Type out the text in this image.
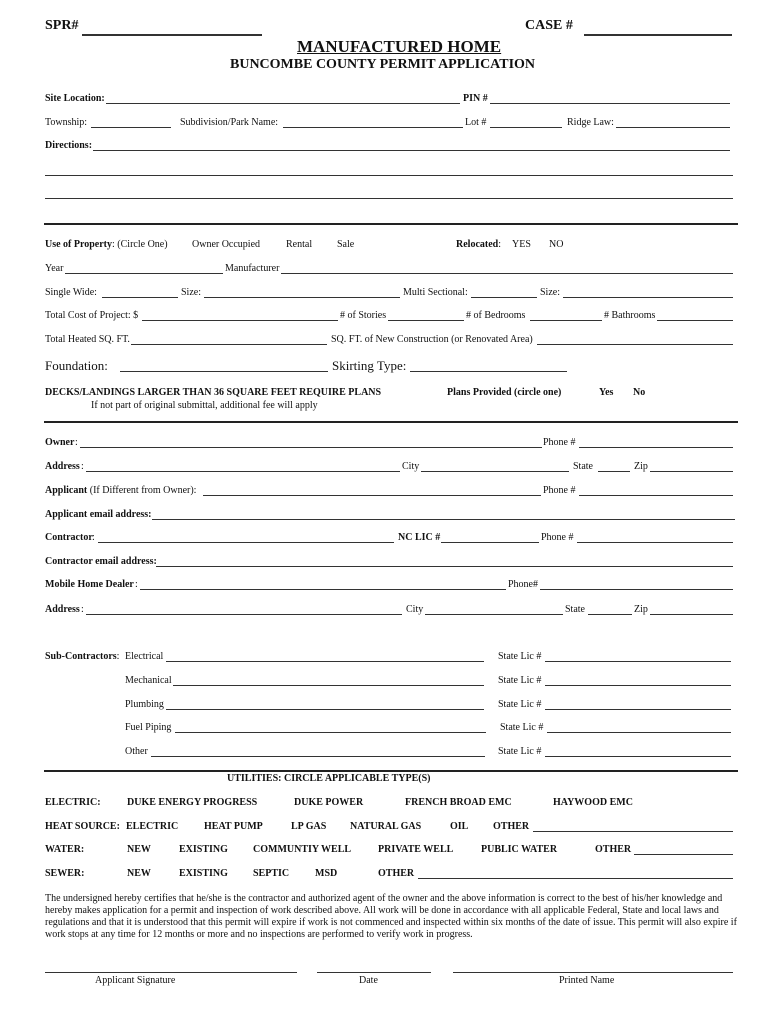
SPR#	CASE #
MANUFACTURED HOME
BUNCOMBE COUNTY PERMIT APPLICATION
Site Location:	PIN #
Township:	Subdivision/Park Name:	Lot #	Ridge Law:
Directions:
Use of Property: (Circle One) Owner Occupied	Rental Sale	Relocated: YES NO
Year	Manufacturer
Single Wide:	Size:	Multi Sectional:	Size:
Total Cost of Project: $	# of Stories	# of Bedrooms	# Bathrooms
Total Heated SQ. FT.	SQ. FT. of New Construction (or Renovated Area)
Foundation:	Skirting Type:
DECKS/LANDINGS LARGER THAN 36 SQUARE FEET REQUIRE PLANS	Plans Provided (circle one)	Yes No
If not part of original submittal, additional fee will apply
Owner :	Phone #
Address :	City	State	Zip
Applicant (If Different from Owner):	Phone #
Applicant email address:
Contractor :	NC LIC #	Phone #
Contractor email address:
Mobile Home Dealer :	Phone#
Address :	City	State	Zip
Sub-Contractors: Electrical	State Lic #
Mechanical	State Lic #
Plumbing	State Lic #
Fuel Piping	State Lic #
Other	State Lic #
UTILITIES: CIRCLE APPLICABLE TYPE(S)
ELECTRIC:	DUKE ENERGY PROGRESS	DUKE POWER	FRENCH BROAD EMC	HAYWOOD EMC
HEAT SOURCE: ELECTRIC	HEAT PUMP	LP GAS NATURAL GAS	OIL OTHER
WATER:	NEW	EXISTING	COMMUNTIY WELL	PRIVATE WELL	PUBLIC WATER	OTHER
SEWER:	NEW	EXISTING	SEPTIC	MSD	OTHER
The undersigned hereby certifies that he/she is the contractor and authorized agent of the owner and the above information is correct to the best of his/her knowledge and hereby makes application for a permit and inspection of work described above. All work will be done in accordance with all applicable Federal, State and local laws and regulations and that it is understood that this permit will expire if work is not commenced and inspected within six months of the date of issue. This permit will also expire if work stops at any time for 12 months or more and no inspections are performed to verify work in progress.
Applicant Signature	Date	Printed Name
